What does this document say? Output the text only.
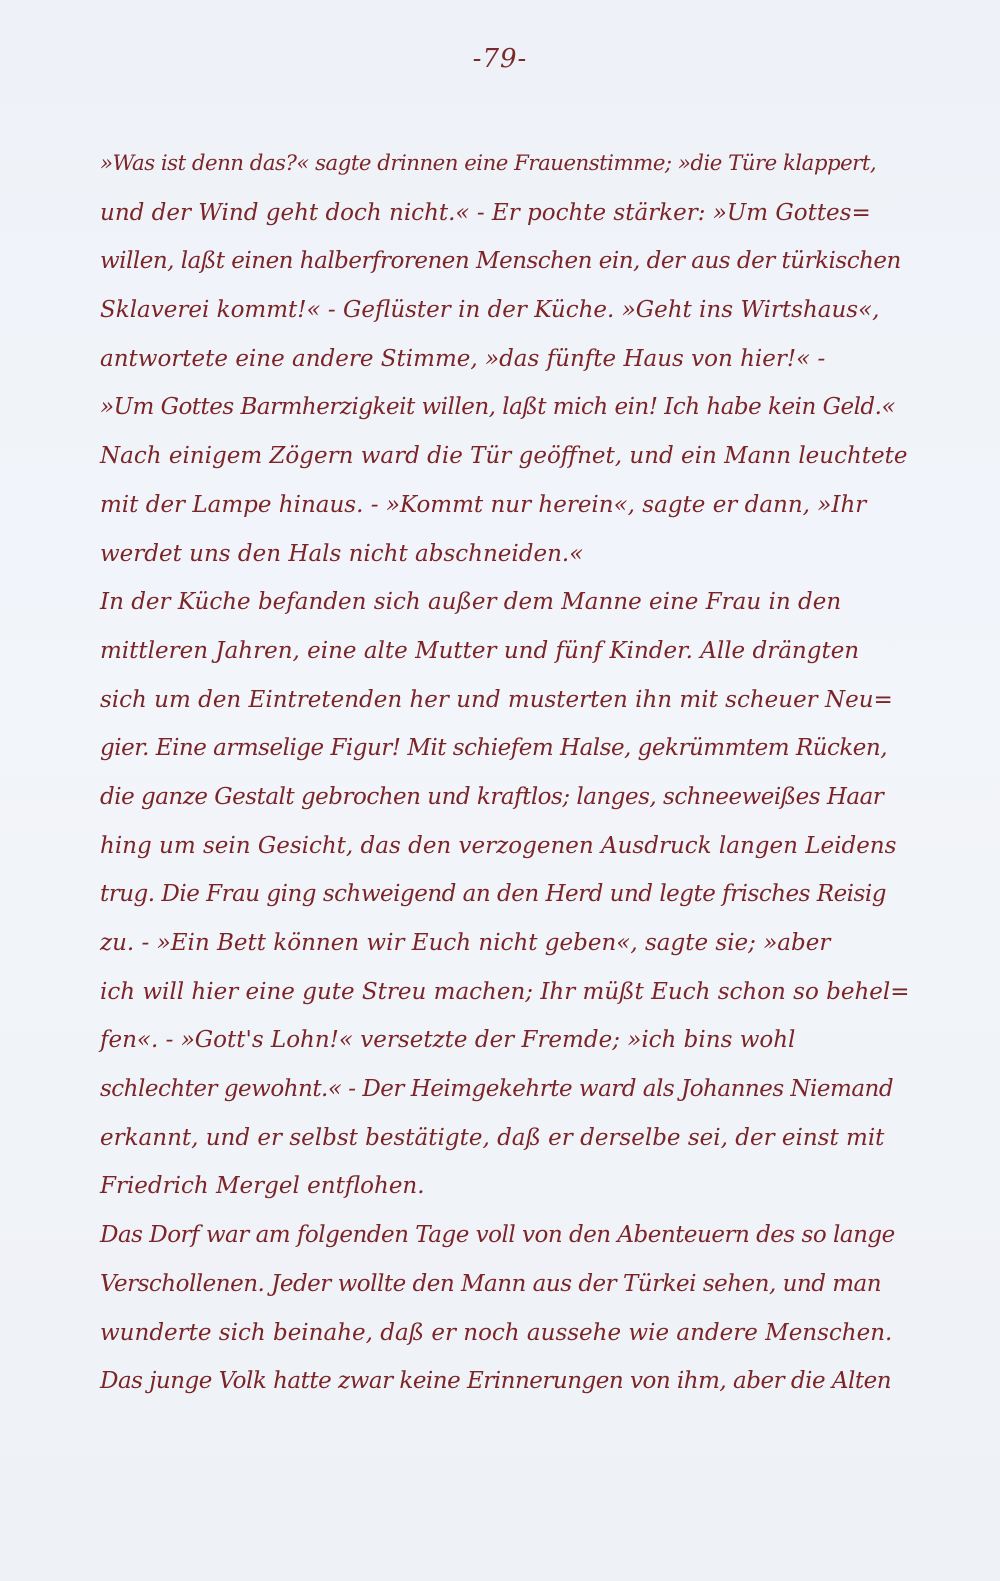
-79-
»Was ist denn das?« sagte drinnen eine Frauenstimme; »die Türe klappert,
und der Wind geht doch nicht.« - Er pochte stärker: »Um Gottes=
willen, laßt einen halberfrorenen Menschen ein, der aus der türkischen
Sklaverei kommt!« - Geflüster in der Küche. »Geht ins Wirtshaus«,
antwortete eine andere Stimme, »das fünfte Haus von hier!« -
»Um Gottes Barmherzigkeit willen, laßt mich ein! Ich habe kein Geld.«
Nach einigem Zögern ward die Tür geöffnet, und ein Mann leuchtete
mit der Lampe hinaus. - »Kommt nur herein«, sagte er dann, »Ihr
werdet uns den Hals nicht abschneiden.«
In der Küche befanden sich außer dem Manne eine Frau in den
mittleren Jahren, eine alte Mutter und fünf Kinder. Alle drängten
sich um den Eintretenden her und musterten ihn mit scheuer Neu=
gier. Eine armselige Figur! Mit schiefem Halse, gekrümmtem Rücken,
die ganze Gestalt gebrochen und kraftlos; langes, schneeweißes Haar
hing um sein Gesicht, das den verzogenen Ausdruck langen Leidens
trug. Die Frau ging schweigend an den Herd und legte frisches Reisig
zu. - »Ein Bett können wir Euch nicht geben«, sagte sie; »aber
ich will hier eine gute Streu machen; Ihr müßt Euch schon so behel=
fen«. - »Gott's Lohn!« versetzte der Fremde; »ich bins wohl
schlechter gewohnt.« - Der Heimgekehrte ward als Johannes Niemand
erkannt, und er selbst bestätigte, daß er derselbe sei, der einst mit
Friedrich Mergel entflohen.
Das Dorf war am folgenden Tage voll von den Abenteuern des so lange
Verschollenen. Jeder wollte den Mann aus der Türkei sehen, und man
wunderte sich beinahe, daß er noch aussehe wie andere Menschen.
Das junge Volk hatte zwar keine Erinnerungen von ihm, aber die Alten
